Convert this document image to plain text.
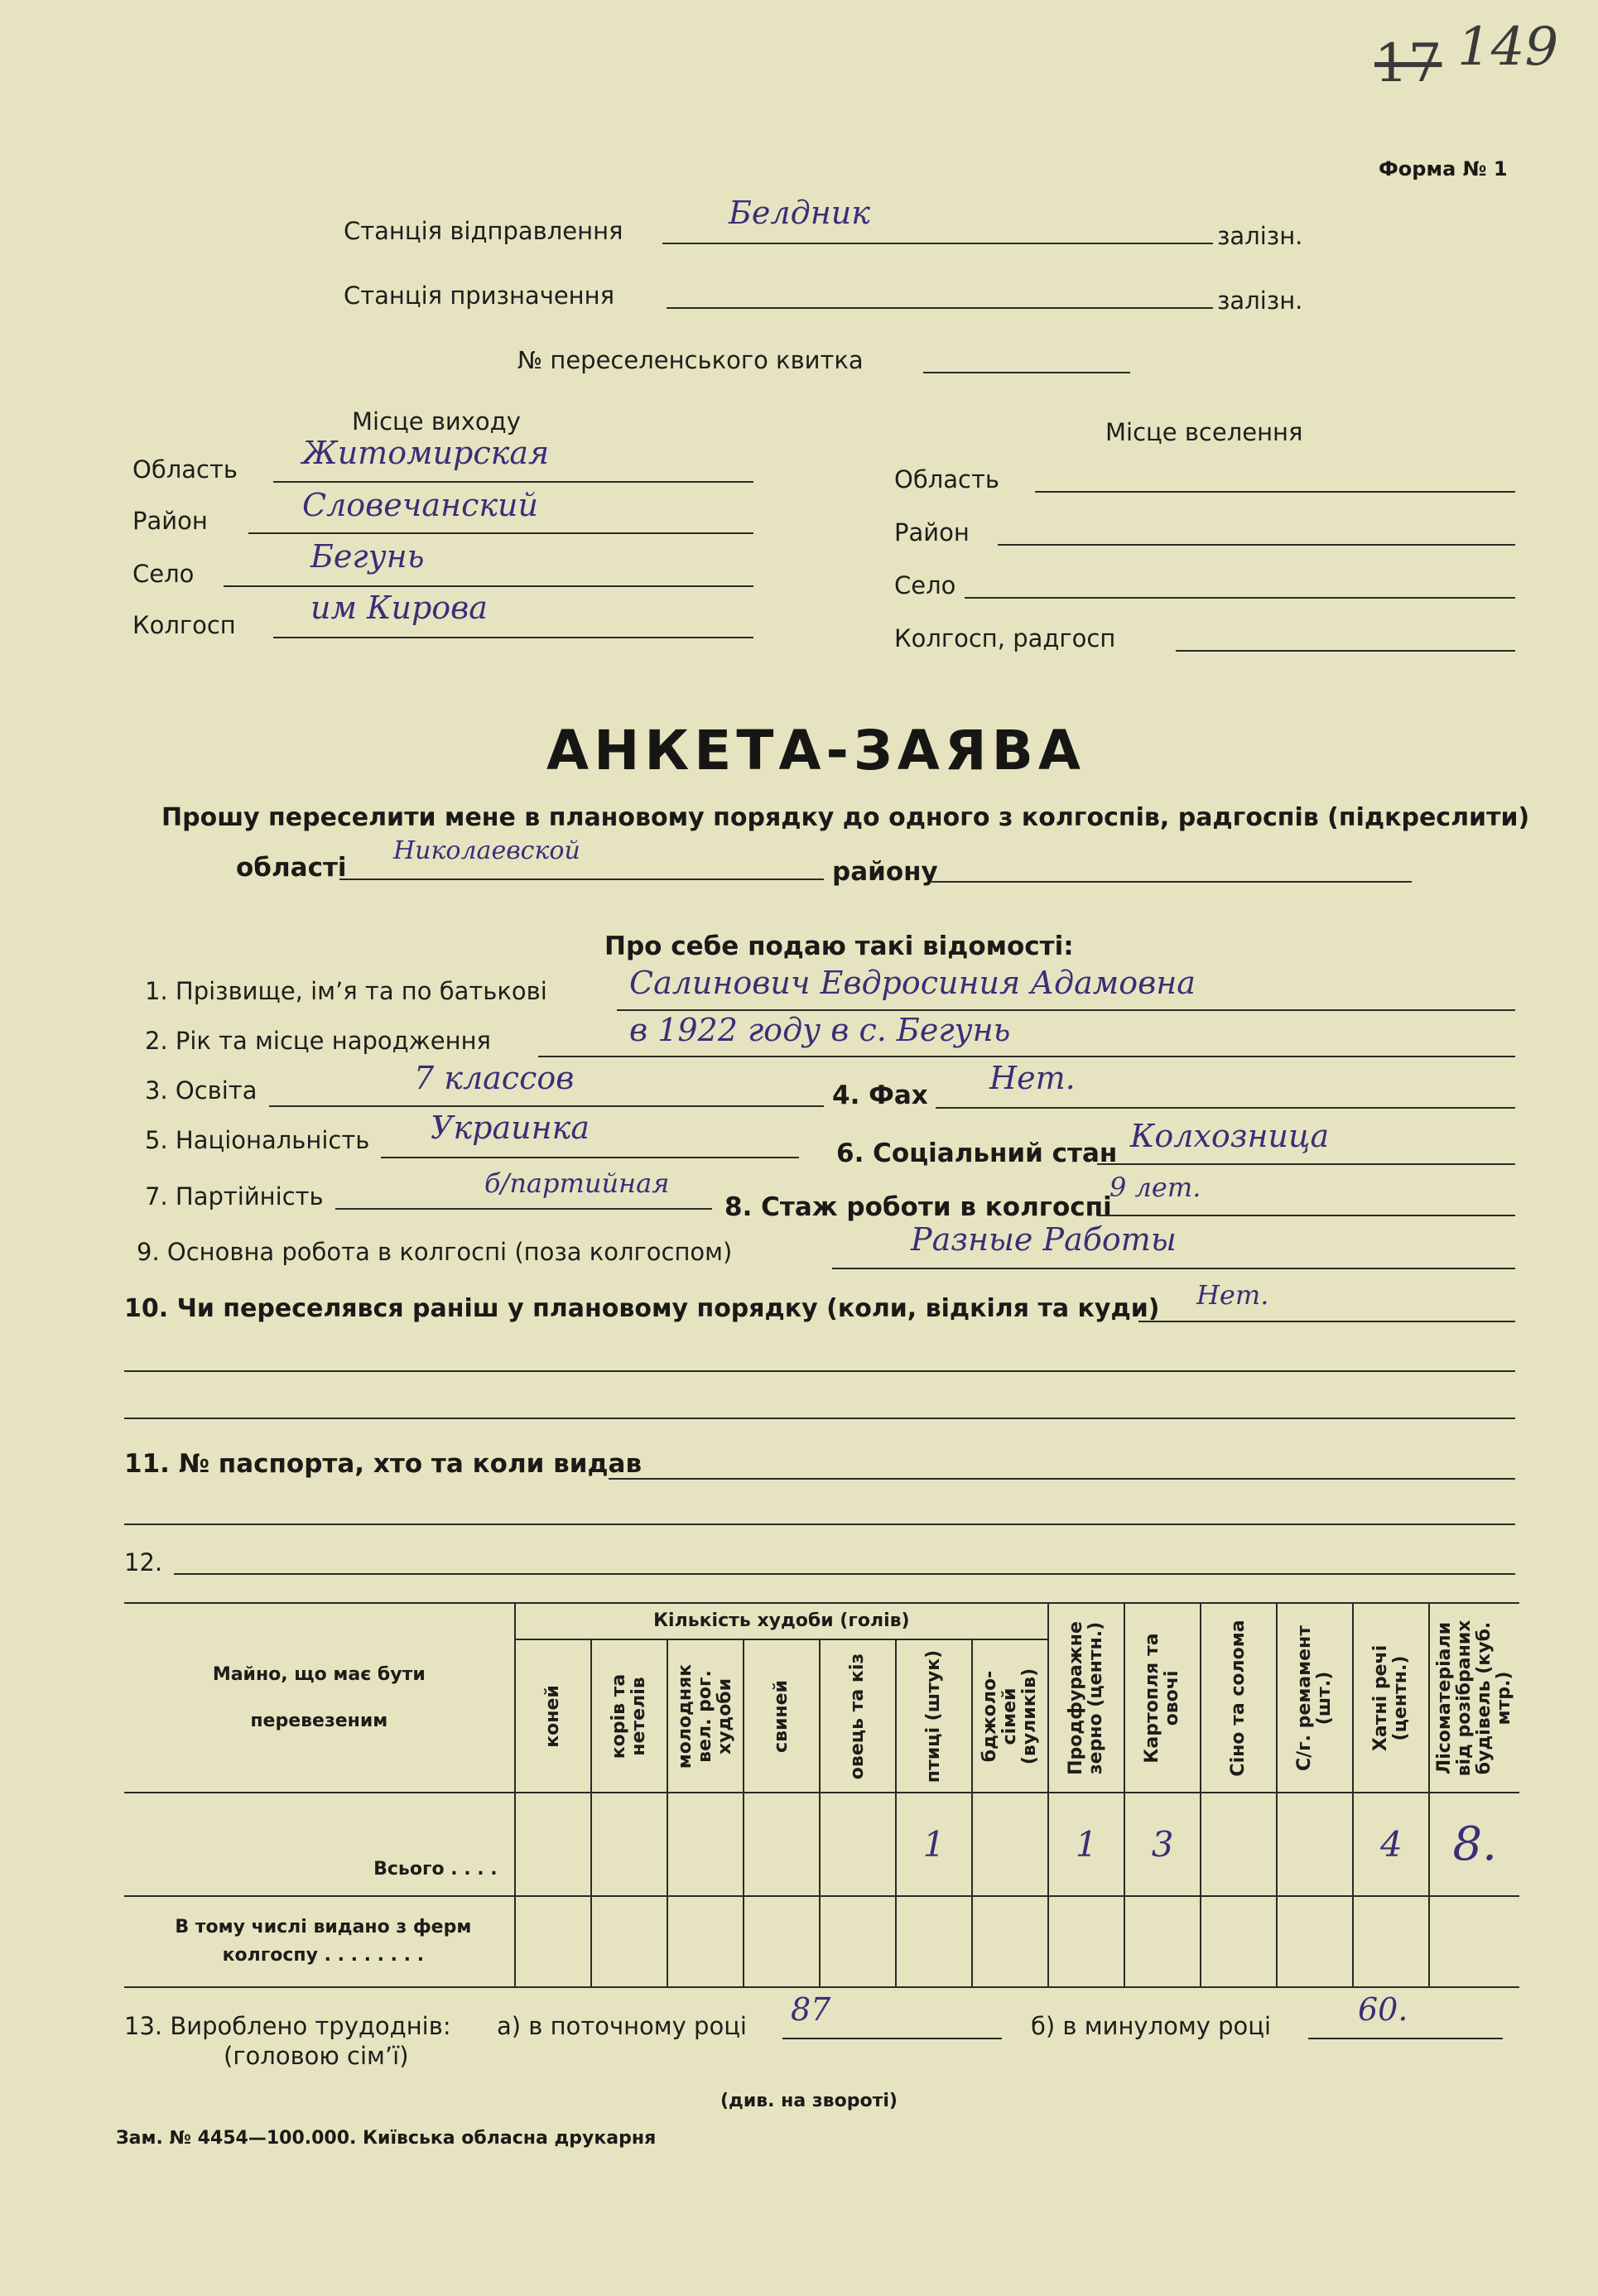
17 149
Форма № 1
Станція відправлення	Белдник
залізн.
Станція призначення	залізн.
№ переселенського квитка
Місце виходу
Область Житомирская
Район	Словечанский
Село	Бегунь
Колгосп им Кирова
Місце вселення
Область
Район
Село
Колгосп, радгосп
АНКЕТА-ЗАЯВА
Прошу переселити мене в плановому порядку до одного з колгоспів, радгоспів (підкреслити)
області
Николаевской
району
Про себе подаю такі відомості:
1. Прізвище, ім’я та по батькові	Салинович Евдросиния Адамовна
2. Рік та місце народження	в 1922 году в с. Бегунь
3. Освіта	7 классов	4. Фах Нет.
5. Національність Украинка
6. Соціальний стан Колхозница
7. Партійність	б/партийная
8. Стаж роботи в колгоспі
9 лет.
9. Основна робота в колгоспі (поза колгоспом)	Разные Работы
10. Чи переселявся раніш у плановому порядку (коли, відкіля та куди) Нет.
11. № паспорта, хто та коли видав
12.
Майно, що має бути перевезеним	Кількість худоби (голів)							Продфуражне зерно (центн.)	Картопля та овочі	Сіно та солома	С/г. ремамент (шт.)	Хатні речі (центн.)	Лісоматеріали від розібраних будівель (куб. мтр.)

	коней	корів та нетелів	молодняк вел. рог. худоби	свиней	овець та кіз	птиці (штук)	бджоло-сімей (вуликів)						

Всього . . . .						1		1	3			4	8.

В тому числі видано з ферм колгоспу . . . . . . . .													

13. Вироблено трудоднів:
(головою сім’ї)
а) в поточному році 87	б) в минулому році	60.
(див. на звороті)
Зам. № 4454—100.000. Київська обласна друкарня
